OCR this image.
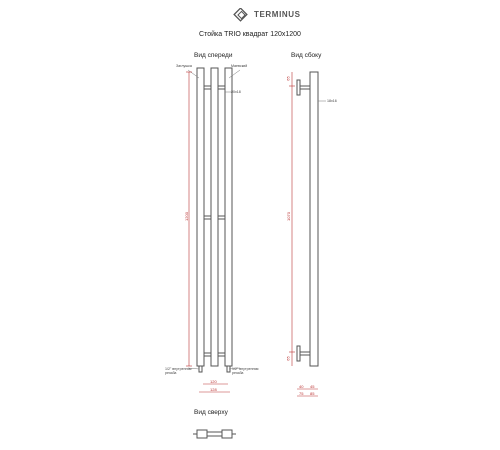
TERMINUS
Стойка TRIO квадрат 120x1200
Вид спереди	Вид сбоку
Вид сверху
Заглушка	Маевский
20х18
1/2" внутренняя резьба
1/2" внутренняя резьба
1200
120
128
1070
65
65
18х16
40 45
75 85
